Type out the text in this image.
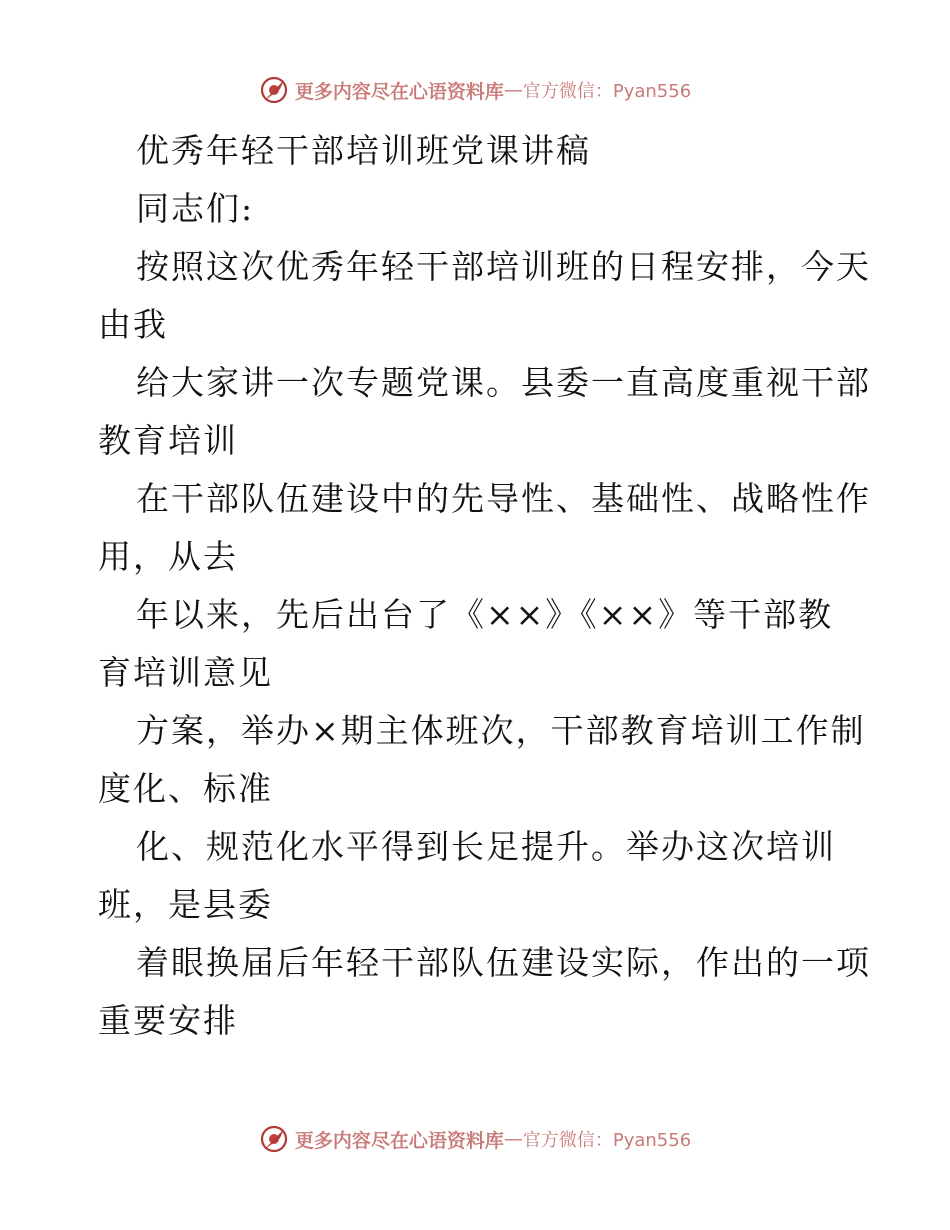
更多内容尽在心语资料库 — 官方微信：Pyan556
优秀年轻干部培训班党课讲稿
同志们:
按照这次优秀年轻干部培训班的日程安排，今天
由我
给大家讲一次专题党课。县委一直高度重视干部
教育培训
在干部队伍建设中的先导性、基础性、战略性作
用，从去
年以来，先后出台了《××》《××》等干部教
育培训意见
方案，举办×期主体班次，干部教育培训工作制
度化、标准
化、规范化水平得到长足提升。举办这次培训
班，是县委
着眼换届后年轻干部队伍建设实际，作出的一项
重要安排
更多内容尽在心语资料库 — 官方微信：Pyan556
